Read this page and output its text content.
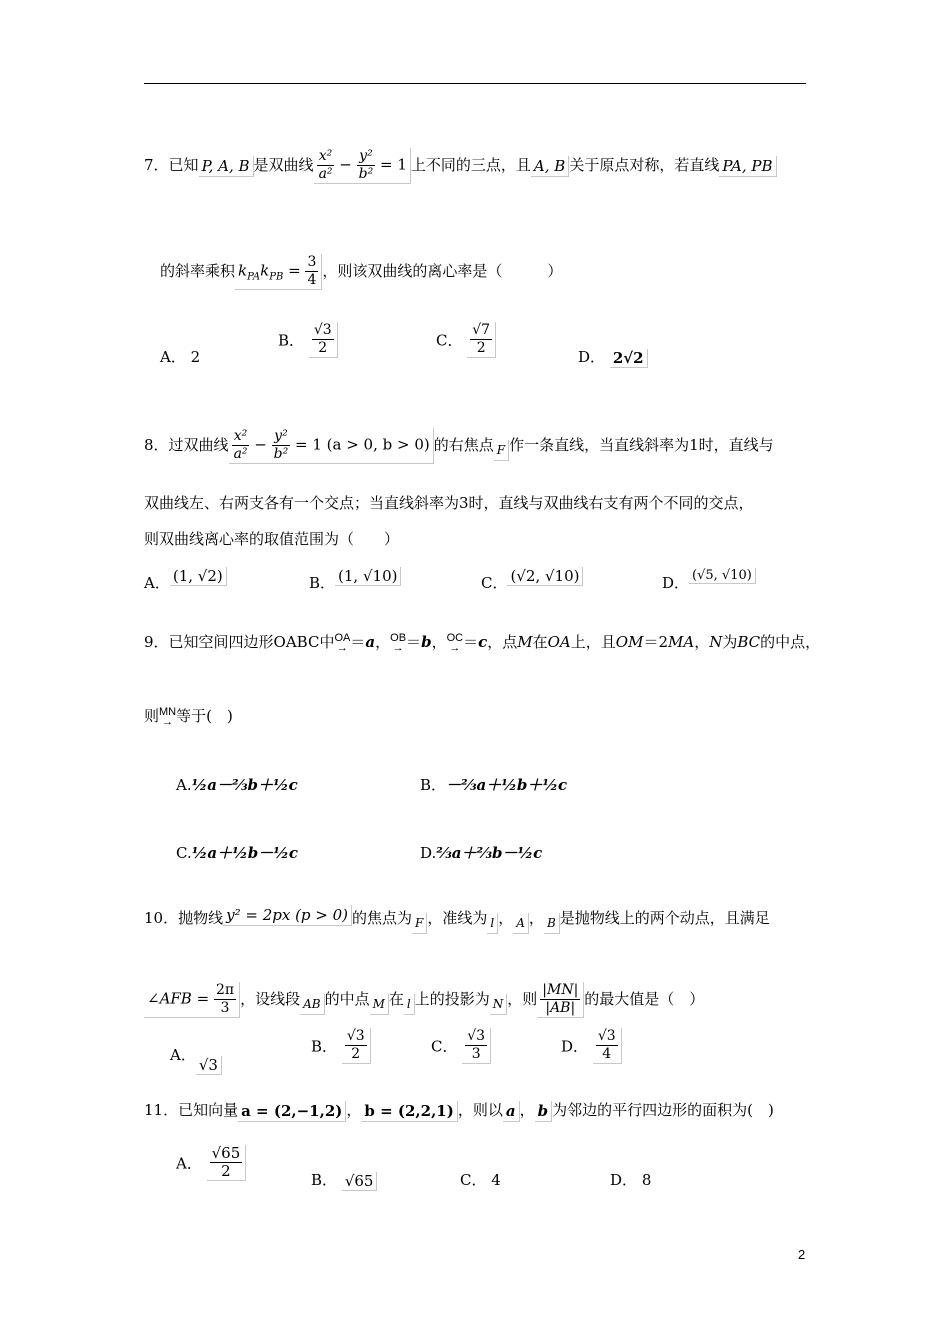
7．已知 P, A, B 是双曲线 $\frac{\text{x²}}{\text{a²}} - \frac{\text{y²}}{\text{b²}} = 1$ 上不同的三点，且 A, B 关于原点对称，若直线 PA, PB
的斜率乘积 $k_{PA}k_{PB} = \frac{3}{4}$ ，则该双曲线的离心率是（　　　）
A． 2
B． $\frac{√3}{2}$	C． $\frac{√7}{2}$	D． 2√2
8．过双曲线 $\frac{\text{x²}}{\text{a²}} - \frac{\text{y²}}{\text{b²}} = 1$ (a > 0, b > 0) 的右焦点 F 作一条直线，当直线斜率为1时，直线与
双曲线左、右两支各有一个交点；当直线斜率为3时，直线与双曲线右支有两个不同的交点，
则双曲线离心率的取值范围为（　　）
A． (1, √2)	B． (1, √10)	C． (√2, √10)	D． (√5, √10)
9．已知空间四边形OABC中 OA
→ ＝a， OB
→ ＝b， OC
→ ＝c，点M在OA上，且OM＝2MA，N为BC的中点，
则 MN
→ 等于(　)
A.½a－⅔b＋½c	B．－⅔a＋½b＋½c
C.½a＋½b－½c	D.⅔a＋⅔b－½c
10．抛物线 y² = 2px (p > 0) 的焦点为 F ，准线为 l ， A ， B 是抛物线上的两个动点，且满足
∠AFB = $\frac{2\pi}{3}$ ，设线段 AB 的中点 M 在 l 上的投影为 N ，则 $\frac{|MN|}{|AB|}$ 的最大值是（　）
A．√3
B． $\frac{√3}{2}$	C． $\frac{√3}{3}$	D． $\frac{√3}{4}$
11．已知向量 a = (2,−1,2) ， b = (2,2,1) ，则以 a ， b 为邻边的平行四边形的面积为(　)
A． $\frac{√65}{2}$	B． √65	C． 4	D． 8
2
